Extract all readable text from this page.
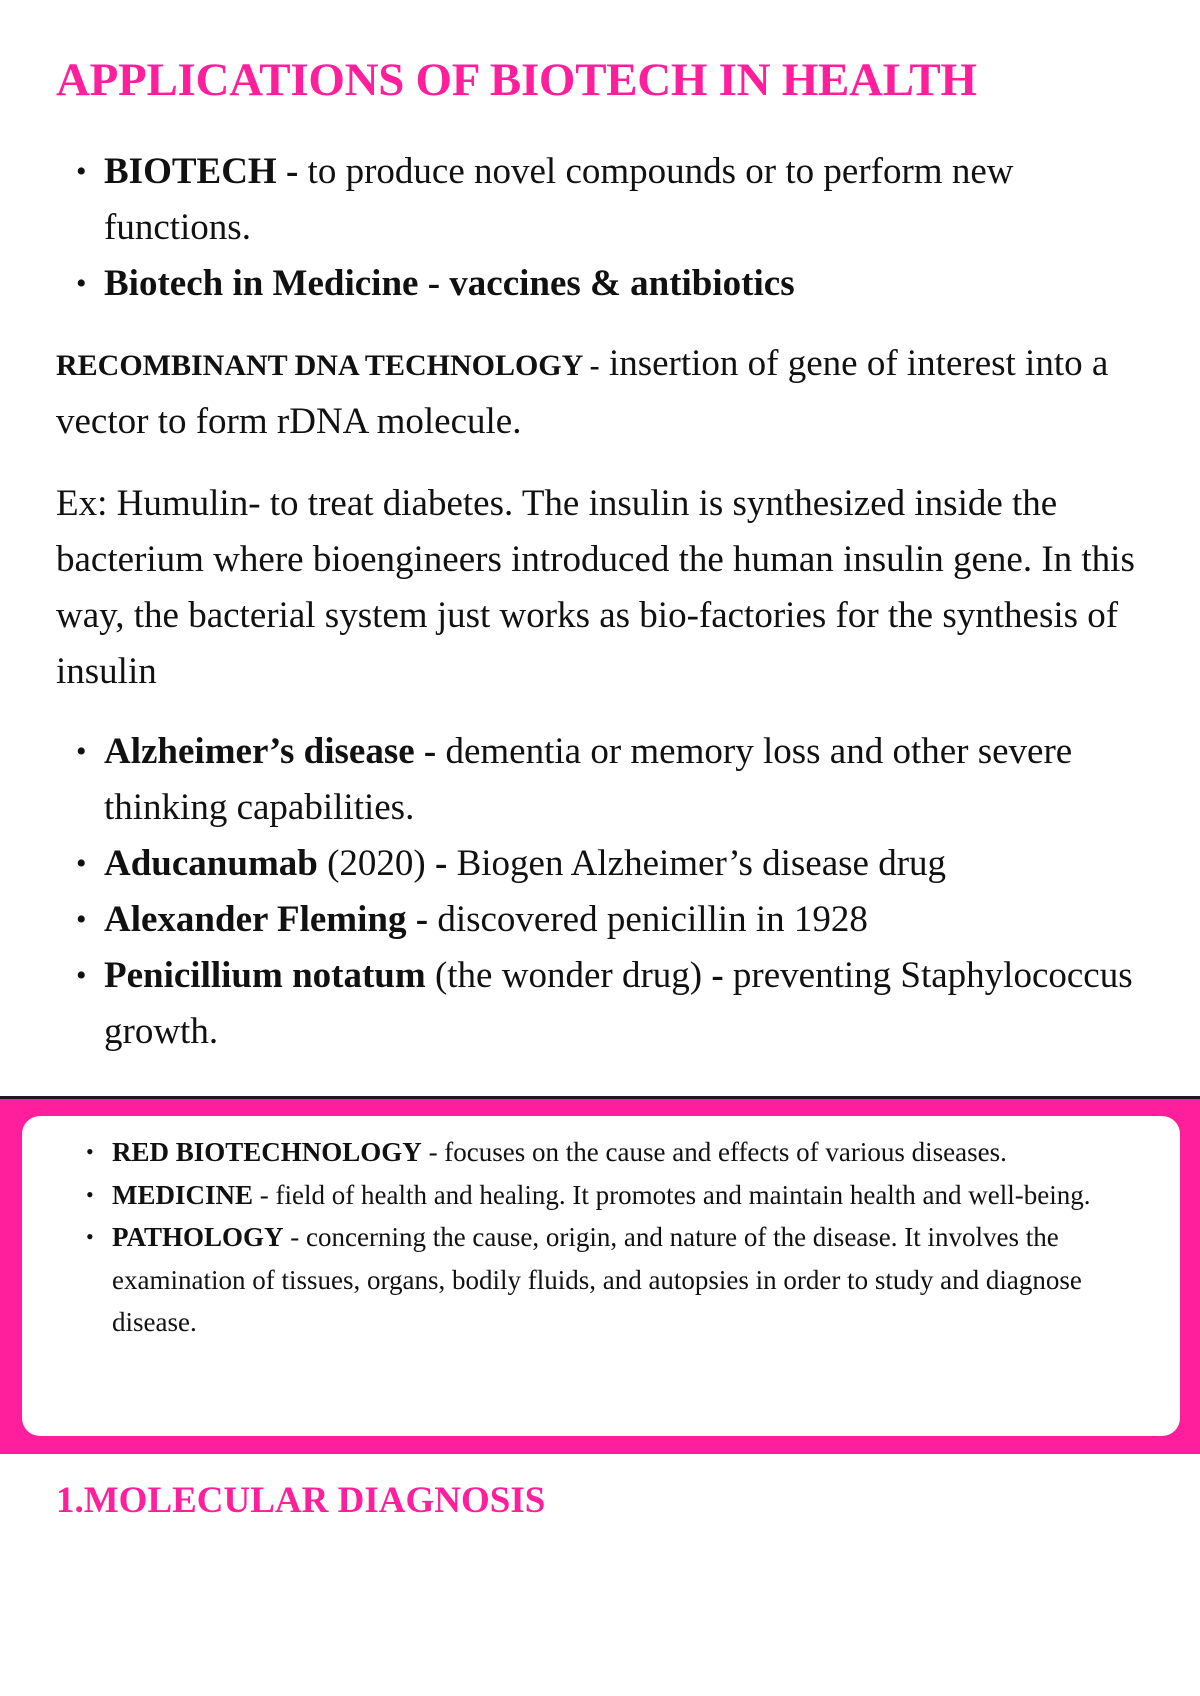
APPLICATIONS OF BIOTECH IN HEALTH
• BIOTECH - to produce novel compounds or to perform new functions.
• Biotech in Medicine - vaccines & antibiotics

RECOMBINANT DNA TECHNOLOGY - insertion of gene of interest into a vector to form rDNA molecule.

Ex: Humulin- to treat diabetes. The insulin is synthesized inside the bacterium where bioengineers introduced the human insulin gene. In this way, the bacterial system just works as bio-factories for the synthesis of insulin

• Alzheimer’s disease - dementia or memory loss and other severe thinking capabilities.
• Aducanumab (2020) - Biogen Alzheimer’s disease drug
• Alexander Fleming - discovered penicillin in 1928
• Penicillium notatum (the wonder drug) - preventing Staphylococcus growth.
• RED BIOTECHNOLOGY - focuses on the cause and effects of various diseases.
• MEDICINE - field of health and healing. It promotes and maintain health and well-being.
• PATHOLOGY - concerning the cause, origin, and nature of the disease. It involves the examination of tissues, organs, bodily fluids, and autopsies in order to study and diagnose disease.
1.MOLECULAR DIAGNOSIS
